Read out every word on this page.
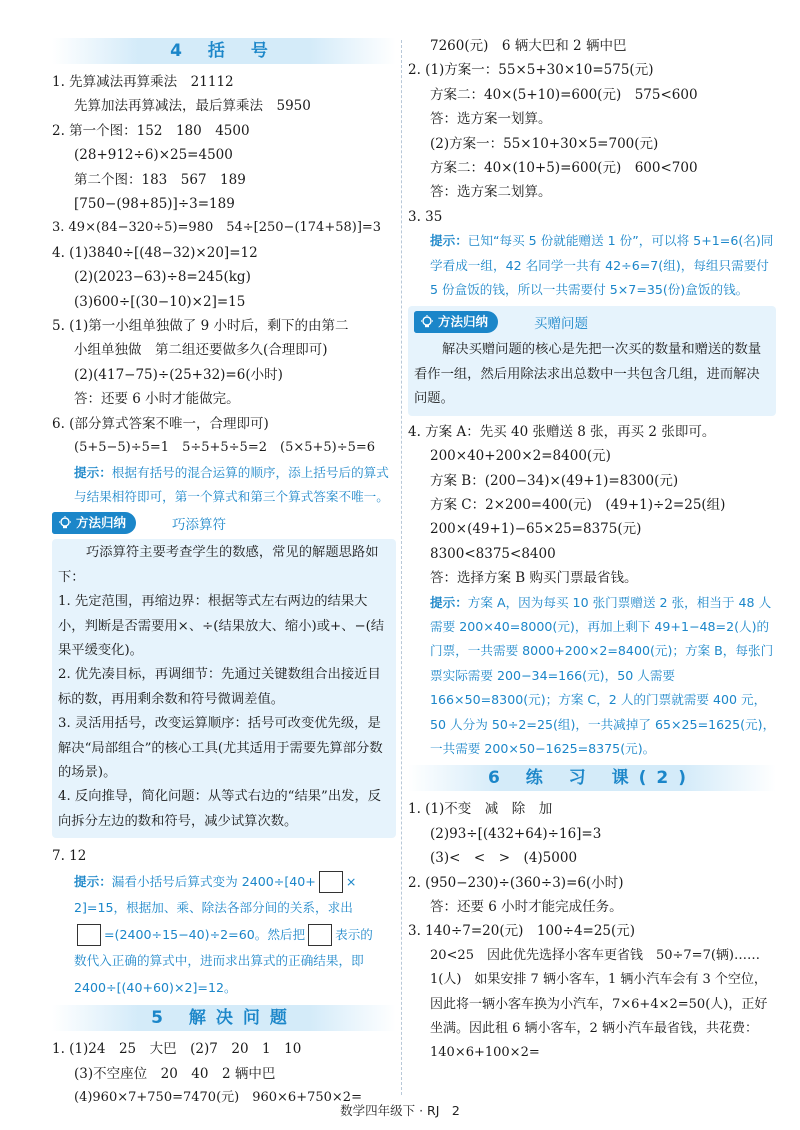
4 括 号
1. 先算减法再算乘法　21112
先算加法再算减法，最后算乘法　5950
2. 第一个图：152　180　4500
(28+912÷6)×25=4500
第二个图：183　567　189
[750−(98+85)]÷3=189
3. 49×(84−320÷5)=980　54÷[250−(174+58)]=3
4. (1)3840÷[(48−32)×20]=12
(2)(2023−63)÷8=245(kg)
(3)600÷[(30−10)×2]=15
5. (1)第一小组单独做了 9 小时后，剩下的由第二
小组单独做　第二组还要做多久(合理即可)
(2)(417−75)÷(25+32)=6(小时)
答：还要 6 小时才能做完。
6. (部分算式答案不唯一，合理即可)
(5+5−5)÷5=1　5÷5+5÷5=2　(5×5+5)÷5=6
提示：根据有括号的混合运算的顺序，添上括号后的算式与结果相符即可，第一个算式和第三个算式答案不唯一。
方法归纳	巧添算符
巧添算符主要考查学生的数感，常见的解题思路如下：
1. 先定范围，再缩边界：根据等式左右两边的结果大小，判断是否需要用×、÷(结果放大、缩小)或+、−(结果平缓变化)。
2. 优先凑目标，再调细节：先通过关键数组合出接近目标的数，再用剩余数和符号微调差值。
3. 灵活用括号，改变运算顺序：括号可改变优先级，是解决“局部组合”的核心工具(尤其适用于需要先算部分数的场景)。
4. 反向推导，简化问题：从等式右边的“结果”出发，反向拆分左边的数和符号，减少试算次数。
7. 12
提示：漏看小括号后算式变为 2400÷[40+ ×
2]=15，根据加、乘、除法各部分间的关系，求出
=(2400÷15−40)÷2=60。然后把 表示的
数代入正确的算式中，进而求出算式的正确结果，即 2400÷[(40+60)×2]=12。
5 解决问题
1. (1)24　25　大巴　(2)7　20　1　10
(3)不空座位　20　40　2 辆中巴
(4)960×7+750=7470(元)　960×6+750×2=
7260(元)　6 辆大巴和 2 辆中巴
2. (1)方案一：55×5+30×10=575(元)
方案二：40×(5+10)=600(元)　575<600
答：选方案一划算。
(2)方案一：55×10+30×5=700(元)
方案二：40×(10+5)=600(元)　600<700
答：选方案二划算。
3. 35
提示：已知“每买 5 份就能赠送 1 份”，可以将 5+1=6(名)同学看成一组，42 名同学一共有 42÷6=7(组)，每组只需要付 5 份盒饭的钱，所以一共需要付 5×7=35(份)盒饭的钱。
方法归纳	买赠问题
解决买赠问题的核心是先把一次买的数量和赠送的数量看作一组，然后用除法求出总数中一共包含几组，进而解决问题。
4. 方案 A：先买 40 张赠送 8 张，再买 2 张即可。
200×40+200×2=8400(元)
方案 B：(200−34)×(49+1)=8300(元)
方案 C：2×200=400(元)　(49+1)÷2=25(组)
200×(49+1)−65×25=8375(元)
8300<8375<8400
答：选择方案 B 购买门票最省钱。
提示：方案 A，因为每买 10 张门票赠送 2 张，相当于 48 人需要 200×40=8000(元)，再加上剩下 49+1−48=2(人)的门票，一共需要 8000+200×2=8400(元)；方案 B，每张门票实际需要 200−34=166(元)，50 人需要 166×50=8300(元)；方案 C，2 人的门票就需要 400 元，50 人分为 50÷2=25(组)，一共减掉了 65×25=1625(元)，一共需要 200×50−1625=8375(元)。
6 练 习 课(2)
1. (1)不变　减　除　加
(2)93÷[(432+64)÷16]=3
(3)<　<　>　(4)5000
2. (950−230)÷(360÷3)=6(小时)
答：还要 6 小时才能完成任务。
3. 140÷7=20(元)　100÷4=25(元)
20<25　因此优先选择小客车更省钱　50÷7=7(辆)……1(人)　如果安排 7 辆小客车，1 辆小汽车会有 3 个空位，因此将一辆小客车换为小汽车，7×6+4×2=50(人)，正好坐满。因此租 6 辆小客车，2 辆小汽车最省钱，共花费：140×6+100×2=
数学四年级下 · RJ　2
